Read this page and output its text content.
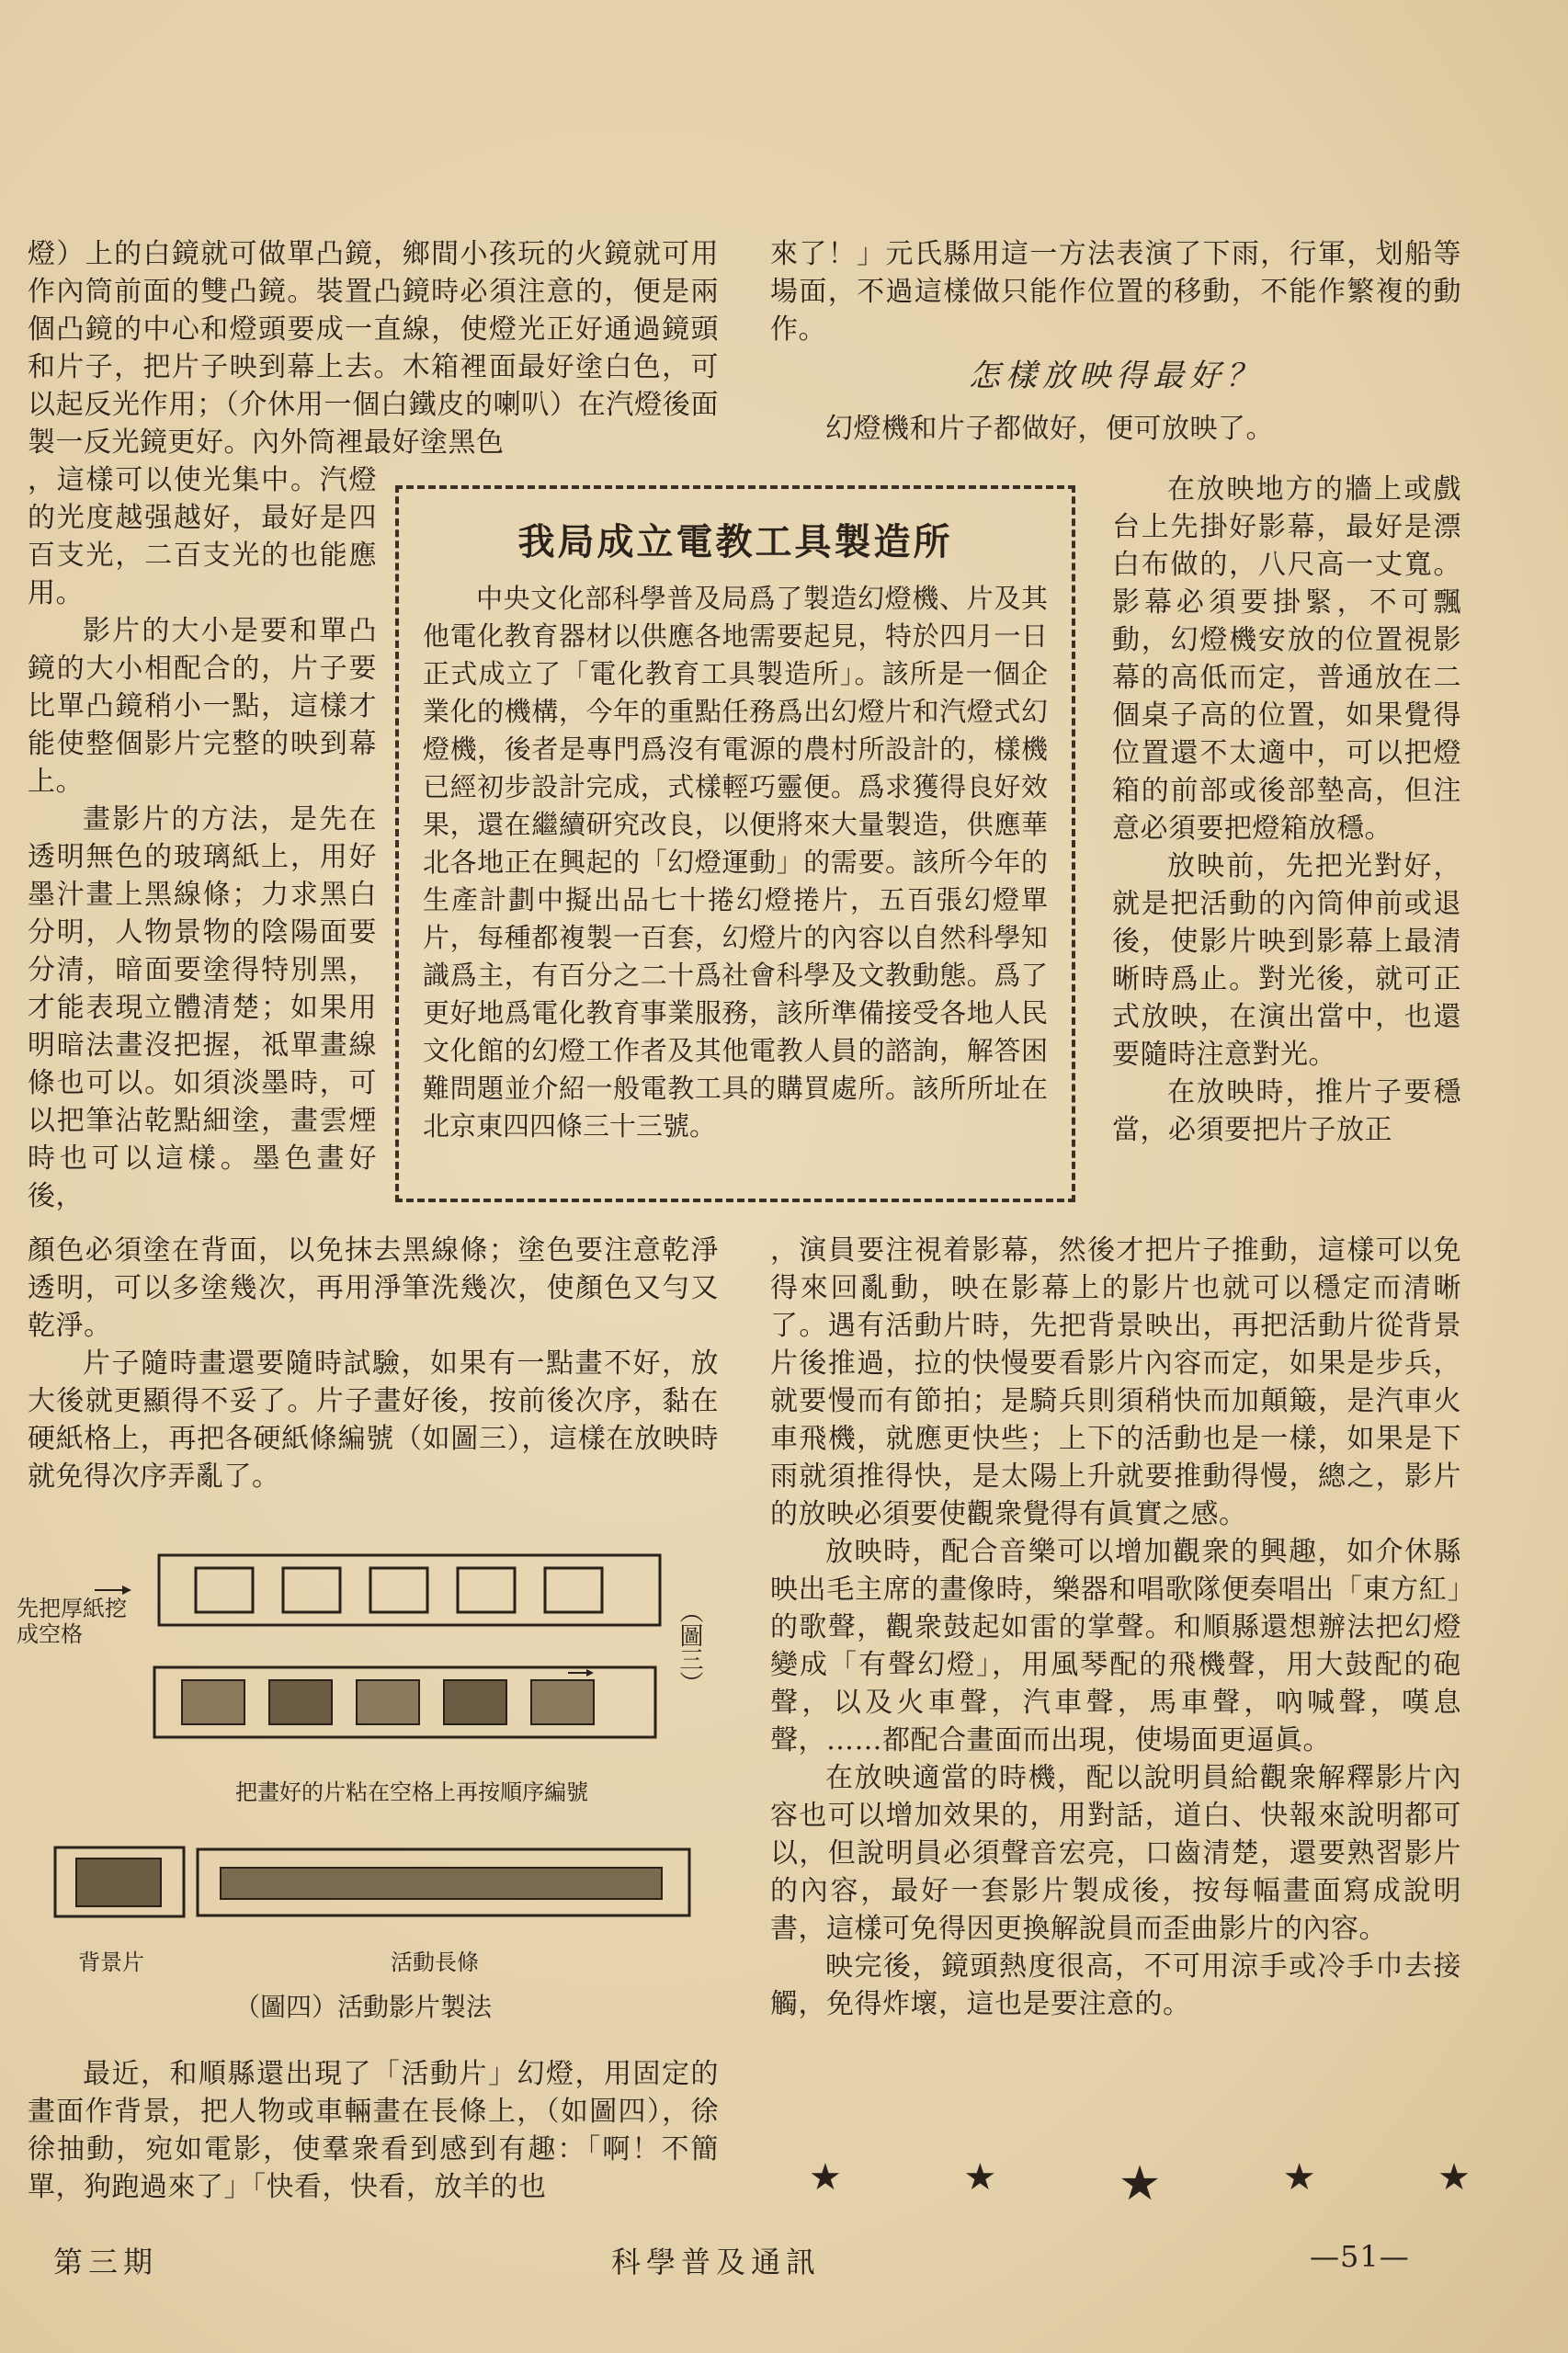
燈）上的白鏡就可做單凸鏡，鄉間小孩玩的火鏡就可用作內筒前面的雙凸鏡。裝置凸鏡時必須注意的，便是兩個凸鏡的中心和燈頭要成一直線，使燈光正好通過鏡頭和片子，把片子映到幕上去。木箱裡面最好塗白色，可以起反光作用；（介休用一個白鐵皮的喇叭）在汽燈後面製一反光鏡更好。內外筒裡最好塗黑色

，這樣可以使光集中。汽燈的光度越强越好，最好是四百支光，二百支光的也能應用。

影片的大小是要和單凸鏡的大小相配合的，片子要比單凸鏡稍小一點，這樣才能使整個影片完整的映到幕上。

畫影片的方法，是先在透明無色的玻璃紙上，用好墨汁畫上黑線條；力求黑白分明，人物景物的陰陽面要分清，暗面要塗得特別黑，才能表現立體清楚；如果用明暗法畫沒把握，祗單畫線條也可以。如須淡墨時，可以把筆沾乾點細塗，畫雲煙時也可以這樣。墨色畫好後，

顏色必須塗在背面，以免抹去黑線條；塗色要注意乾淨透明，可以多塗幾次，再用淨筆洗幾次，使顏色又勻又乾淨。

片子隨時畫還要隨時試驗，如果有一點畫不好，放大後就更顯得不妥了。片子畫好後，按前後次序，黏在硬紙格上，再把各硬紙條編號（如圖三），這樣在放映時就免得次序弄亂了。

我局成立電教工具製造所

中央文化部科學普及局爲了製造幻燈機、片及其他電化教育器材以供應各地需要起見，特於四月一日正式成立了「電化教育工具製造所」。該所是一個企業化的機構，今年的重點任務爲出幻燈片和汽燈式幻燈機，後者是專門爲沒有電源的農村所設計的，樣機已經初步設計完成，式樣輕巧靈便。爲求獲得良好效果，還在繼續研究改良，以便將來大量製造，供應華北各地正在興起的「幻燈運動」的需要。該所今年的生產計劃中擬出品七十捲幻燈捲片，五百張幻燈單片，每種都複製一百套，幻燈片的內容以自然科學知識爲主，有百分之二十爲社會科學及文教動態。爲了更好地爲電化教育事業服務，該所準備接受各地人民文化館的幻燈工作者及其他電教人員的諮詢，解答困難問題並介紹一般電教工具的購買處所。該所所址在北京東四四條三十三號。

先把厚紙挖成空格	（圖三）
把畫好的片粘在空格上再按順序編號
背景片	活動長條
（圖四）活動影片製法

最近，和順縣還出現了「活動片」幻燈，用固定的畫面作背景，把人物或車輛畫在長條上，（如圖四），徐徐抽動，宛如電影，使羣衆看到感到有趣：「啊！不簡單，狗跑過來了」「快看，快看，放羊的也

來了！」元氏縣用這一方法表演了下雨，行軍，划船等場面，不過這樣做只能作位置的移動，不能作繁複的動作。

怎樣放映得最好？

幻燈機和片子都做好，便可放映了。

在放映地方的牆上或戲台上先掛好影幕，最好是漂白布做的，八尺高一丈寬。影幕必須要掛緊，不可飄動，幻燈機安放的位置視影幕的高低而定，普通放在二個桌子高的位置，如果覺得位置還不太適中，可以把燈箱的前部或後部墊高，但注意必須要把燈箱放穩。

放映前，先把光對好，就是把活動的內筒伸前或退後，使影片映到影幕上最清晰時爲止。對光後，就可正式放映，在演出當中，也還要隨時注意對光。

在放映時，推片子要穩當，必須要把片子放正

，演員要注視着影幕，然後才把片子推動，這樣可以免得來回亂動，映在影幕上的影片也就可以穩定而清晰了。遇有活動片時，先把背景映出，再把活動片從背景片後推過，拉的快慢要看影片內容而定，如果是步兵，就要慢而有節拍；是騎兵則須稍快而加顛簸，是汽車火車飛機，就應更快些；上下的活動也是一樣，如果是下雨就須推得快，是太陽上升就要推動得慢，總之，影片的放映必須要使觀衆覺得有眞實之感。

放映時，配合音樂可以增加觀衆的興趣，如介休縣映出毛主席的畫像時，樂器和唱歌隊便奏唱出「東方紅」的歌聲，觀衆鼓起如雷的掌聲。和順縣還想辦法把幻燈變成「有聲幻燈」，用風琴配的飛機聲，用大鼓配的砲聲，以及火車聲，汽車聲，馬車聲，吶喊聲，嘆息聲，……都配合畫面而出現，使場面更逼眞。

在放映適當的時機，配以說明員給觀衆解釋影片內容也可以增加效果的，用對話，道白、快報來說明都可以，但說明員必須聲音宏亮，口齒清楚，還要熟習影片的內容，最好一套影片製成後，按每幅畫面寫成說明書，這樣可免得因更換解說員而歪曲影片的內容。

映完後，鏡頭熱度很高，不可用涼手或冷手巾去接觸，免得炸壞，這也是要注意的。

★	★	★	★	★
第三期	科學普及通訊	—51—
